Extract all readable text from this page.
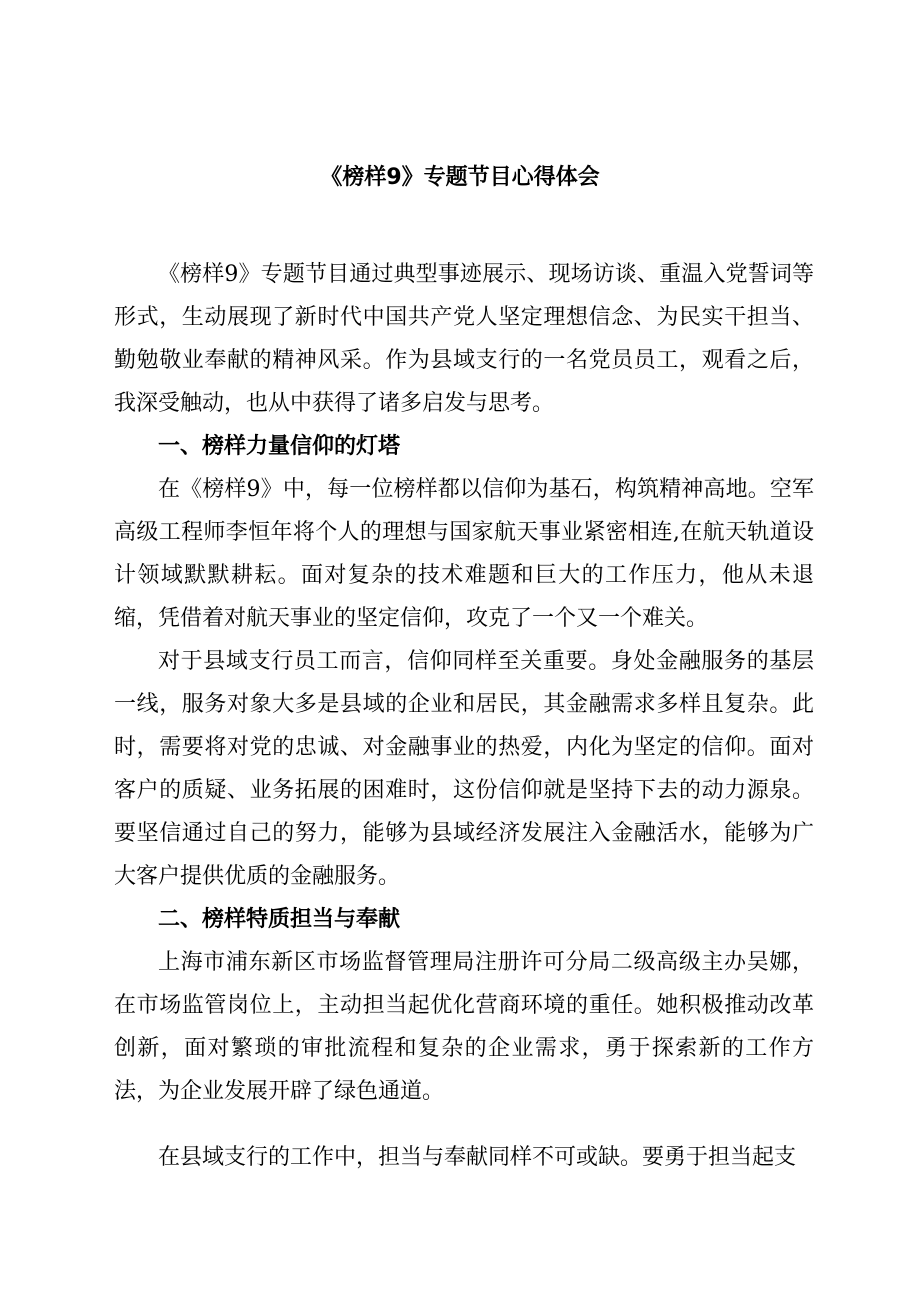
《榜样9》专题节目心得体会
《榜样9》专题节目通过典型事迹展示、现场访谈、重温入党誓词等形式，生动展现了新时代中国共产党人坚定理想信念、为民实干担当、勤勉敬业奉献的精神风采。作为县域支行的一名党员员工，观看之后，我深受触动，也从中获得了诸多启发与思考。
一、榜样力量信仰的灯塔
在《榜样9》中，每一位榜样都以信仰为基石，构筑精神高地。空军高级工程师李恒年将个人的理想与国家航天事业紧密相连,在航天轨道设计领域默默耕耘。面对复杂的技术难题和巨大的工作压力，他从未退缩，凭借着对航天事业的坚定信仰，攻克了一个又一个难关。
对于县域支行员工而言，信仰同样至关重要。身处金融服务的基层一线，服务对象大多是县域的企业和居民，其金融需求多样且复杂。此时，需要将对党的忠诚、对金融事业的热爱，内化为坚定的信仰。面对客户的质疑、业务拓展的困难时，这份信仰就是坚持下去的动力源泉。要坚信通过自己的努力，能够为县域经济发展注入金融活水，能够为广大客户提供优质的金融服务。
二、榜样特质担当与奉献
上海市浦东新区市场监督管理局注册许可分局二级高级主办吴娜，在市场监管岗位上，主动担当起优化营商环境的重任。她积极推动改革创新，面对繁琐的审批流程和复杂的企业需求，勇于探索新的工作方法，为企业发展开辟了绿色通道。
在县域支行的工作中，担当与奉献同样不可或缺。要勇于担当起支
